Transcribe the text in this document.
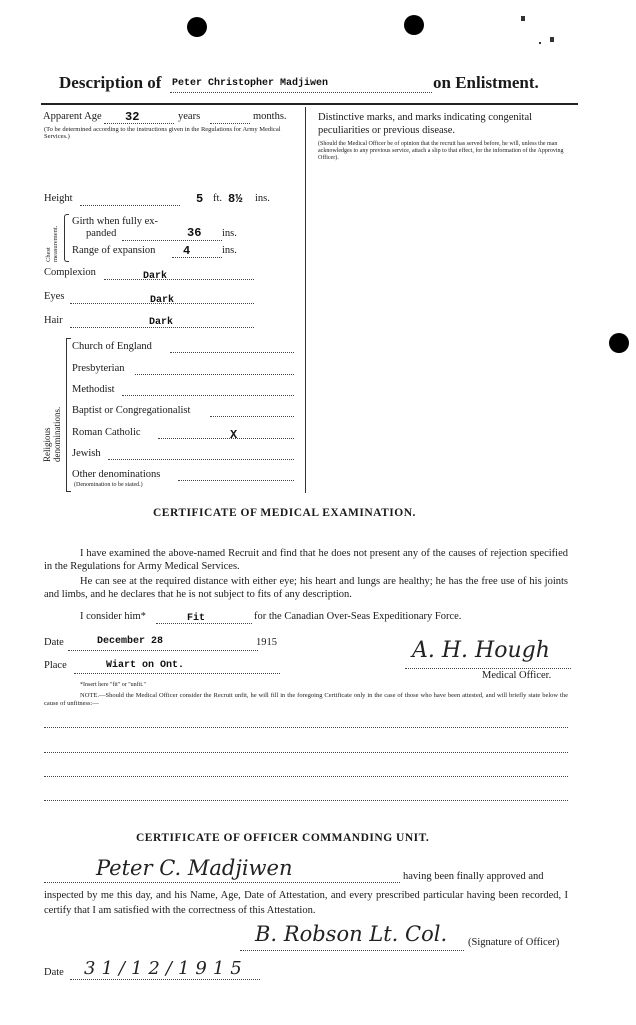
Description of Peter Christopher Madjiwen	on Enlistment.
Apparent Age 32	years	months.
(To be determined according to the instructions given in the Regulations for Army Medical Services.)
Height	5 ft. 8½ ins.
Chest measurement.
Girth when fully ex-
panded	36 ins.
Range of expansion 4	ins.
Complexion	Dark
Eyes	Dark
Hair	Dark
Religious denominations.
Church of England
Presbyterian
Methodist
Baptist or Congregationalist
Roman Catholic	X
Jewish
Other denominations
(Denomination to be stated.)
Distinctive marks, and marks indicating congenital peculiarities or previous disease.
(Should the Medical Officer be of opinion that the recruit has served before, he will, unless the man acknowledges to any previous service, attach a slip to that effect, for the information of the Approving Officer).
CERTIFICATE OF MEDICAL EXAMINATION.
I have examined the above-named Recruit and find that he does not present any of the causes of rejection specified in the Regulations for Army Medical Services.
He can see at the required distance with either eye; his heart and lungs are healthy; he has the free use of his joints and limbs, and he declares that he is not subject to fits of any description.
I consider him*	Fit	for the Canadian Over-Seas Expeditionary Force.
Date	December 28	1915
Place	Wiart on Ont.
*Insert here "fit" or "unfit."
A. H. Hough
Medical Officer.
NOTE.—Should the Medical Officer consider the Recruit unfit, he will fill in the foregoing Certificate only in the case of those who have been attested, and will briefly state below the cause of unfitness:—
CERTIFICATE OF OFFICER COMMANDING UNIT.
Peter C. Madjiwen	having been finally approved and
inspected by me this day, and his Name, Age, Date of Attestation, and every prescribed particular having been recorded, I certify that I am satisfied with the correctness of this Attestation.
B. Robson Lt. Col. (Signature of Officer)
Date 31/12/1915
